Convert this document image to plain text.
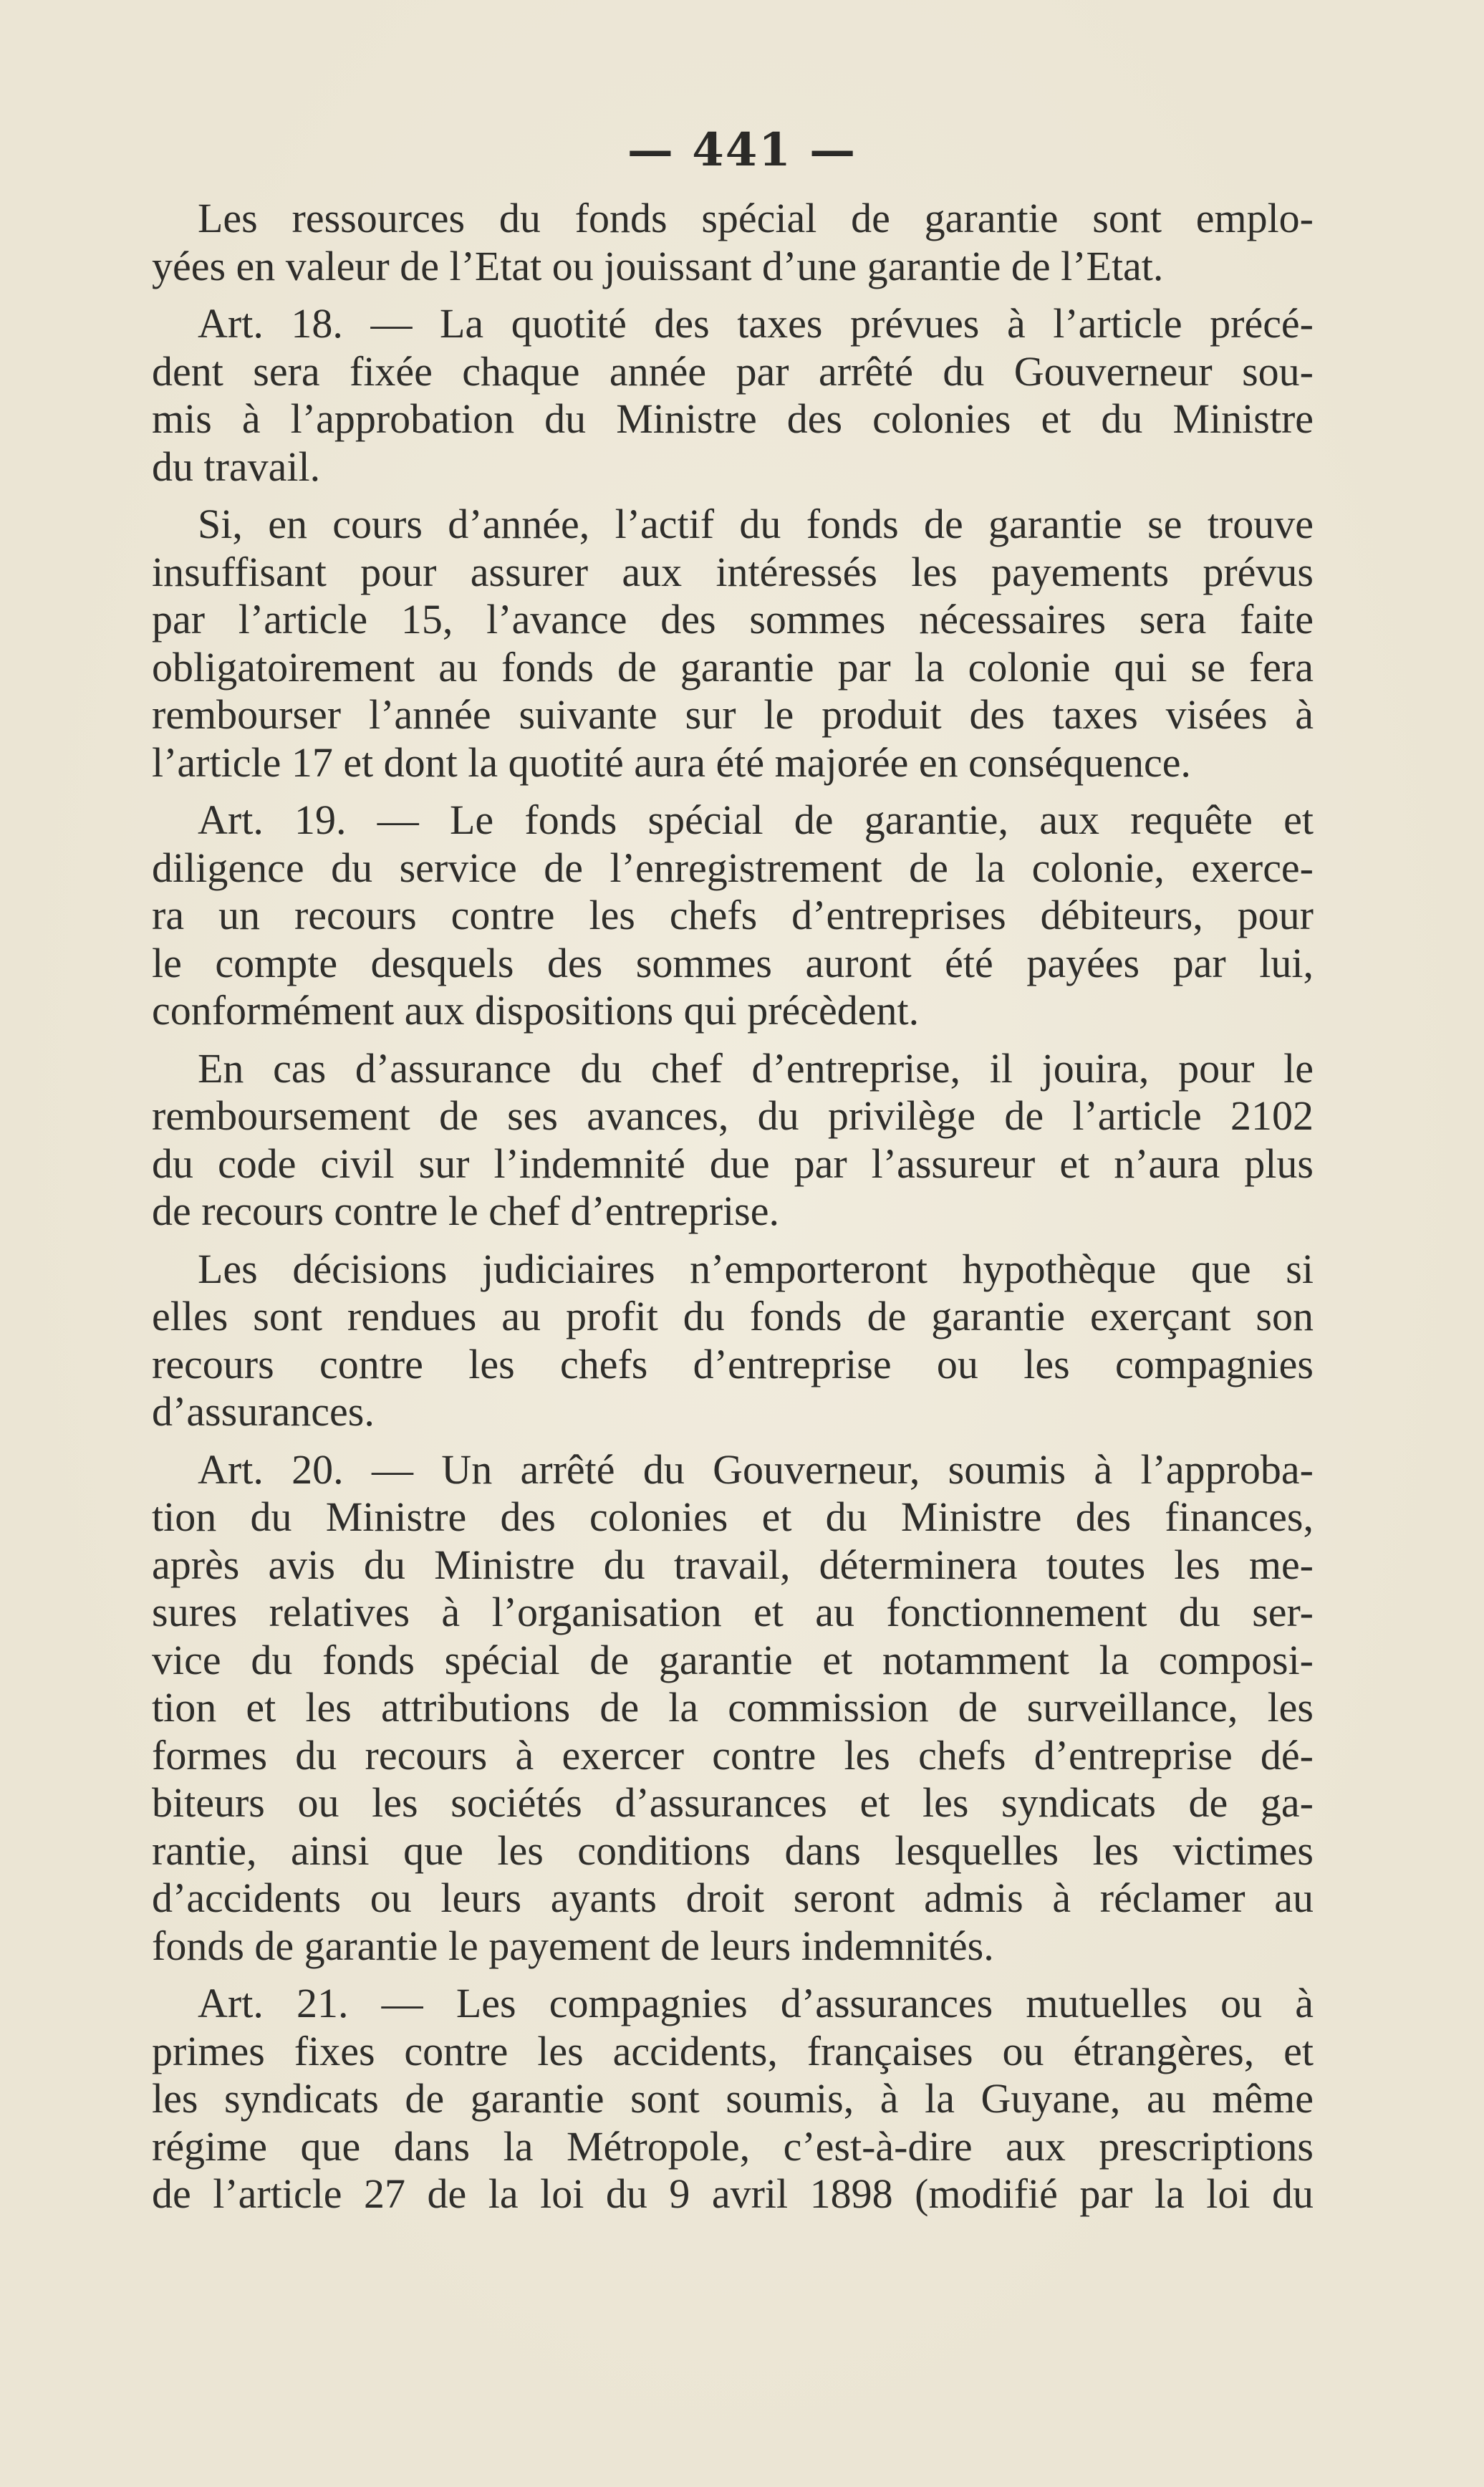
— 441 —
Les ressources du fonds spécial de garantie sont emplo-
yées en valeur de l’Etat ou jouissant d’une garantie de l’Etat.
Art. 18. — La quotité des taxes prévues à l’article précé-
dent sera fixée chaque année par arrêté du Gouverneur sou-
mis à l’approbation du Ministre des colonies et du Ministre
du travail.
Si, en cours d’année, l’actif du fonds de garantie se trouve
insuffisant pour assurer aux intéressés les payements prévus
par l’article 15, l’avance des sommes nécessaires sera faite
obligatoirement au fonds de garantie par la colonie qui se fera
rembourser l’année suivante sur le produit des taxes visées à
l’article 17 et dont la quotité aura été majorée en conséquence.
Art. 19. — Le fonds spécial de garantie, aux requête et
diligence du service de l’enregistrement de la colonie, exerce-
ra un recours contre les chefs d’entreprises débiteurs, pour
le compte desquels des sommes auront été payées par lui,
conformément aux dispositions qui précèdent.
En cas d’assurance du chef d’entreprise, il jouira, pour le
remboursement de ses avances, du privilège de l’article 2102
du code civil sur l’indemnité due par l’assureur et n’aura plus
de recours contre le chef d’entreprise.
Les décisions judiciaires n’emporteront hypothèque que si
elles sont rendues au profit du fonds de garantie exerçant son
recours contre les chefs d’entreprise ou les compagnies
d’assurances.
Art. 20. — Un arrêté du Gouverneur, soumis à l’approba-
tion du Ministre des colonies et du Ministre des finances,
après avis du Ministre du travail, déterminera toutes les me-
sures relatives à l’organisation et au fonctionnement du ser-
vice du fonds spécial de garantie et notamment la composi-
tion et les attributions de la commission de surveillance, les
formes du recours à exercer contre les chefs d’entreprise dé-
biteurs ou les sociétés d’assurances et les syndicats de ga-
rantie, ainsi que les conditions dans lesquelles les victimes
d’accidents ou leurs ayants droit seront admis à réclamer au
fonds de garantie le payement de leurs indemnités.
Art. 21. — Les compagnies d’assurances mutuelles ou à
primes fixes contre les accidents, françaises ou étrangères, et
les syndicats de garantie sont soumis, à la Guyane, au même
régime que dans la Métropole, c’est-à-dire aux prescriptions
de l’article 27 de la loi du 9 avril 1898 (modifié par la loi du
